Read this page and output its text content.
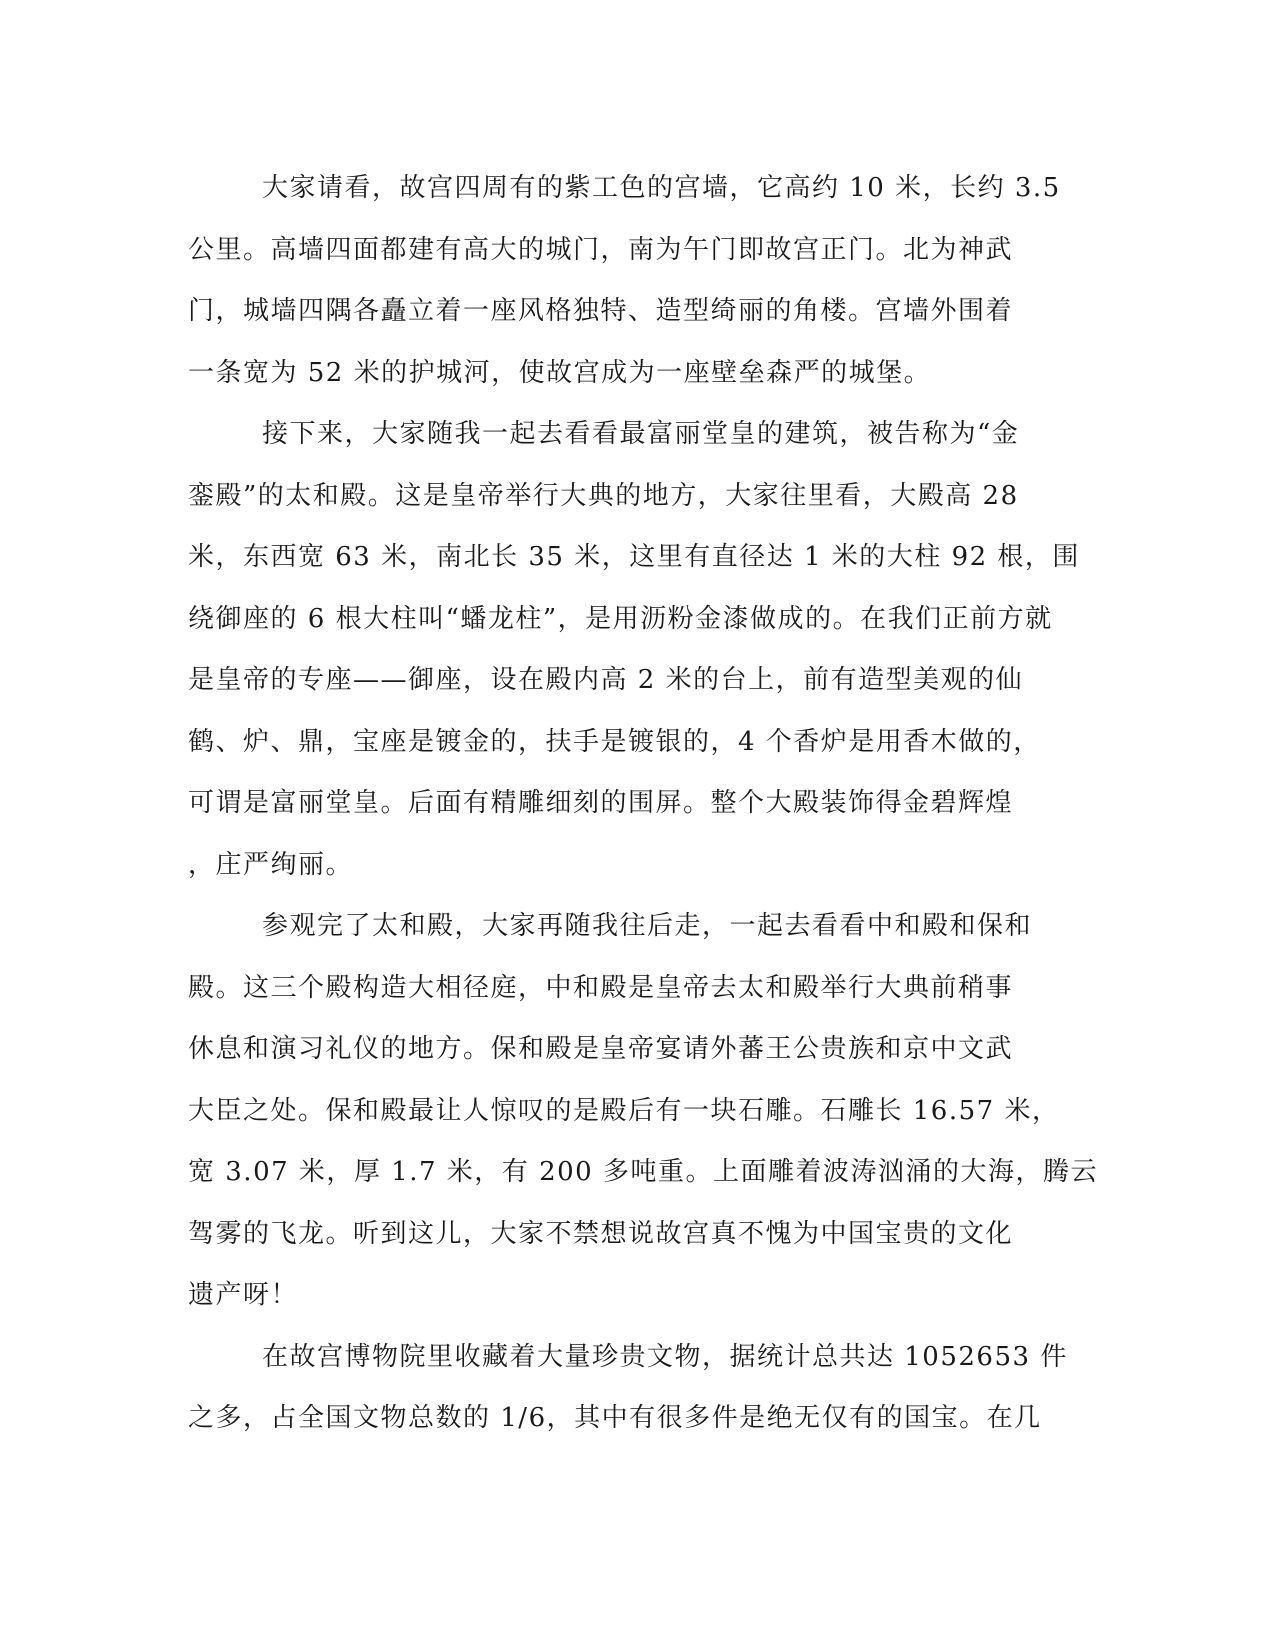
大家请看，故宫四周有的紫工色的宫墙，它高约 10 米，长约 3.5
公里。高墙四面都建有高大的城门，南为午门即故宫正门。北为神武
门，城墙四隅各矗立着一座风格独特、造型绮丽的角楼。宫墙外围着
一条宽为 52 米的护城河，使故宫成为一座壁垒森严的城堡。

接下来，大家随我一起去看看最富丽堂皇的建筑，被告称为“金
銮殿”的太和殿。这是皇帝举行大典的地方，大家往里看，大殿高 28
米，东西宽 63 米，南北长 35 米，这里有直径达 1 米的大柱 92 根，围
绕御座的 6 根大柱叫“蟠龙柱”，是用沥粉金漆做成的。在我们正前方就
是皇帝的专座——御座，设在殿内高 2 米的台上，前有造型美观的仙
鹤、炉、鼎，宝座是镀金的，扶手是镀银的，4 个香炉是用香木做的，
可谓是富丽堂皇。后面有精雕细刻的围屏。整个大殿装饰得金碧辉煌
，庄严绚丽。

参观完了太和殿，大家再随我往后走，一起去看看中和殿和保和
殿。这三个殿构造大相径庭，中和殿是皇帝去太和殿举行大典前稍事
休息和演习礼仪的地方。保和殿是皇帝宴请外蕃王公贵族和京中文武
大臣之处。保和殿最让人惊叹的是殿后有一块石雕。石雕长 16.57 米，
宽 3.07 米，厚 1.7 米，有 200 多吨重。上面雕着波涛汹涌的大海，腾云
驾雾的飞龙。听到这儿，大家不禁想说故宫真不愧为中国宝贵的文化
遗产呀！

在故宫博物院里收藏着大量珍贵文物，据统计总共达 1052653 件
之多，占全国文物总数的 1/6，其中有很多件是绝无仅有的国宝。在几
